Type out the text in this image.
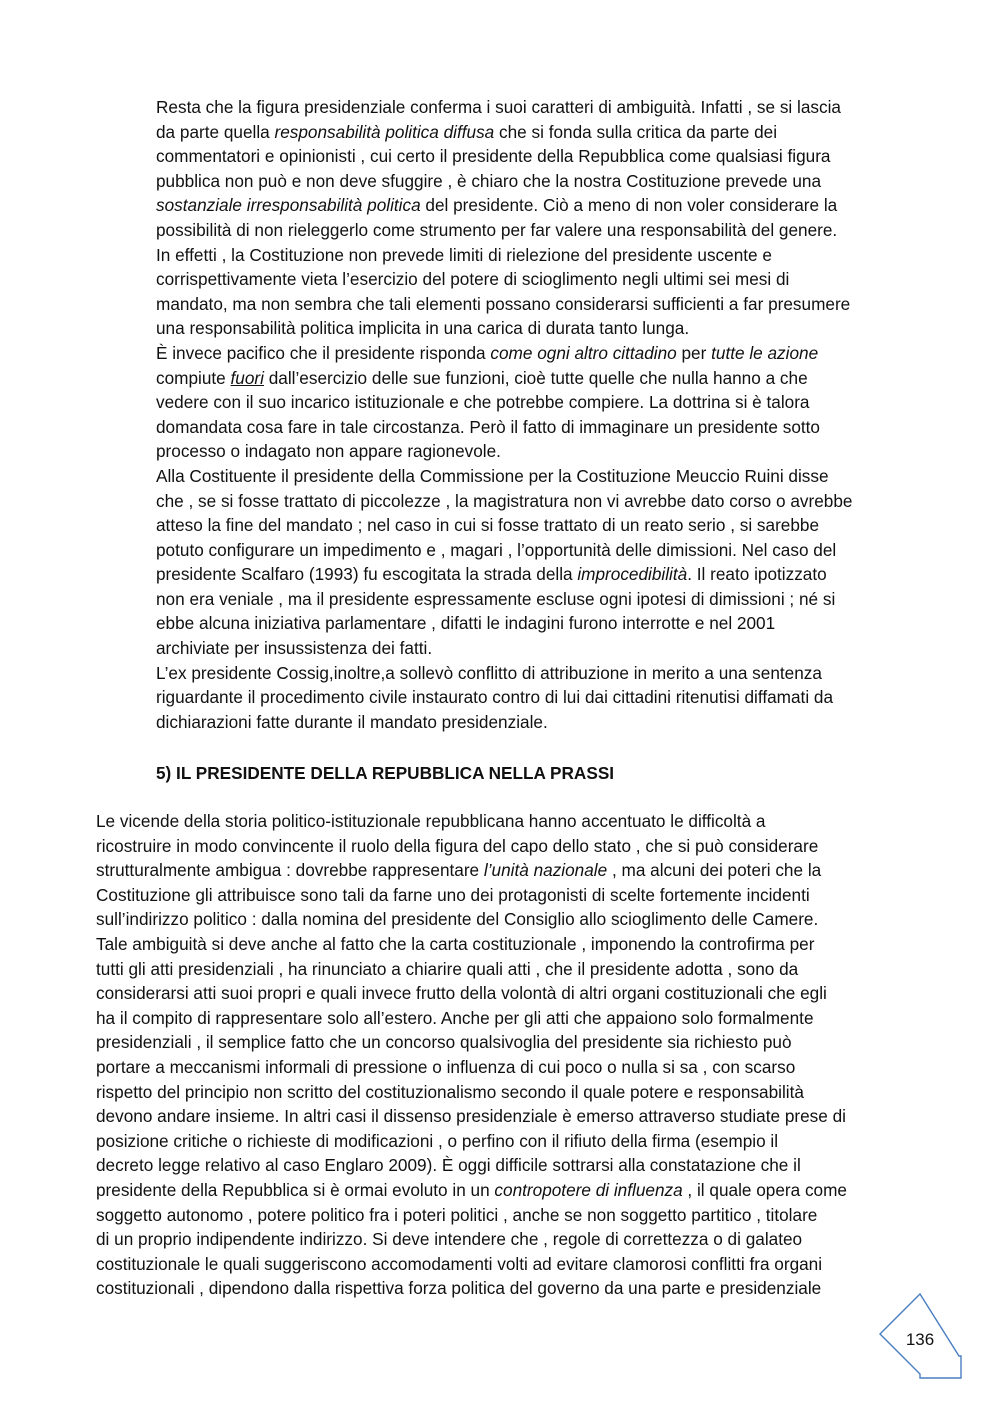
Resta che la figura presidenziale conferma i suoi caratteri di ambiguità. Infatti , se si lascia
da parte quella responsabilità politica diffusa che si fonda sulla critica da parte dei
commentatori e opinionisti , cui certo il presidente della Repubblica come qualsiasi figura
pubblica non può e non deve sfuggire , è chiaro che la nostra Costituzione prevede una
sostanziale irresponsabilità politica del presidente. Ciò a meno di non voler considerare la
possibilità di non rieleggerlo come strumento per far valere una responsabilità del genere.
In effetti , la Costituzione non prevede limiti di rielezione del presidente uscente e
corrispettivamente vieta l’esercizio del potere di scioglimento negli ultimi sei mesi di
mandato, ma non sembra che tali elementi possano considerarsi sufficienti a far presumere
una responsabilità politica implicita in una carica di durata tanto lunga.
È invece pacifico che il presidente risponda come ogni altro cittadino per tutte le azione
compiute fuori dall’esercizio delle sue funzioni, cioè tutte quelle che nulla hanno a che
vedere con il suo incarico istituzionale e che potrebbe compiere. La dottrina si è talora
domandata cosa fare in tale circostanza. Però il fatto di immaginare un presidente sotto
processo o indagato non appare ragionevole.
Alla Costituente il presidente della Commissione per la Costituzione Meuccio Ruini disse
che , se si fosse trattato di piccolezze , la magistratura non vi avrebbe dato corso o avrebbe
atteso la fine del mandato ; nel caso in cui si fosse trattato di un reato serio , si sarebbe
potuto configurare un impedimento e , magari , l’opportunità delle dimissioni. Nel caso del
presidente Scalfaro (1993) fu escogitata la strada della improcedibilità. Il reato ipotizzato
non era veniale , ma il presidente espressamente escluse ogni ipotesi di dimissioni ; né si
ebbe alcuna iniziativa parlamentare , difatti le indagini furono interrotte e nel 2001
archiviate per insussistenza dei fatti.
L’ex presidente Cossig,inoltre,a sollevò conflitto di attribuzione in merito a una sentenza
riguardante il procedimento civile instaurato contro di lui dai cittadini ritenutisi diffamati da
dichiarazioni fatte durante il mandato presidenziale.
5) IL PRESIDENTE DELLA REPUBBLICA NELLA PRASSI
Le vicende della storia politico-istituzionale repubblicana hanno accentuato le difficoltà a
ricostruire in modo convincente il ruolo della figura del capo dello stato , che si può considerare
strutturalmente ambigua : dovrebbe rappresentare l’unità nazionale , ma alcuni dei poteri che la
Costituzione gli attribuisce sono tali da farne uno dei protagonisti di scelte fortemente incidenti
sull’indirizzo politico : dalla nomina del presidente del Consiglio allo scioglimento delle Camere.
Tale ambiguità si deve anche al fatto che la carta costituzionale , imponendo la controfirma per
tutti gli atti presidenziali , ha rinunciato a chiarire quali atti , che il presidente adotta , sono da
considerarsi atti suoi propri e quali invece frutto della volontà di altri organi costituzionali che egli
ha il compito di rappresentare solo all’estero. Anche per gli atti che appaiono solo formalmente
presidenziali , il semplice fatto che un concorso qualsivoglia del presidente sia richiesto può
portare a meccanismi informali di pressione o influenza di cui poco o nulla si sa , con scarso
rispetto del principio non scritto del costituzionalismo secondo il quale potere e responsabilità
devono andare insieme. In altri casi il dissenso presidenziale è emerso attraverso studiate prese di
posizione critiche o richieste di modificazioni , o perfino con il rifiuto della firma (esempio il
decreto legge relativo al caso Englaro 2009). È oggi difficile sottrarsi alla constatazione che il
presidente della Repubblica si è ormai evoluto in un contropotere di influenza , il quale opera come
soggetto autonomo , potere politico fra i poteri politici , anche se non soggetto partitico , titolare
di un proprio indipendente indirizzo. Si deve intendere che , regole di correttezza o di galateo
costituzionale le quali suggeriscono accomodamenti volti ad evitare clamorosi conflitti fra organi
costituzionali , dipendono dalla rispettiva forza politica del governo da una parte e presidenziale
136
